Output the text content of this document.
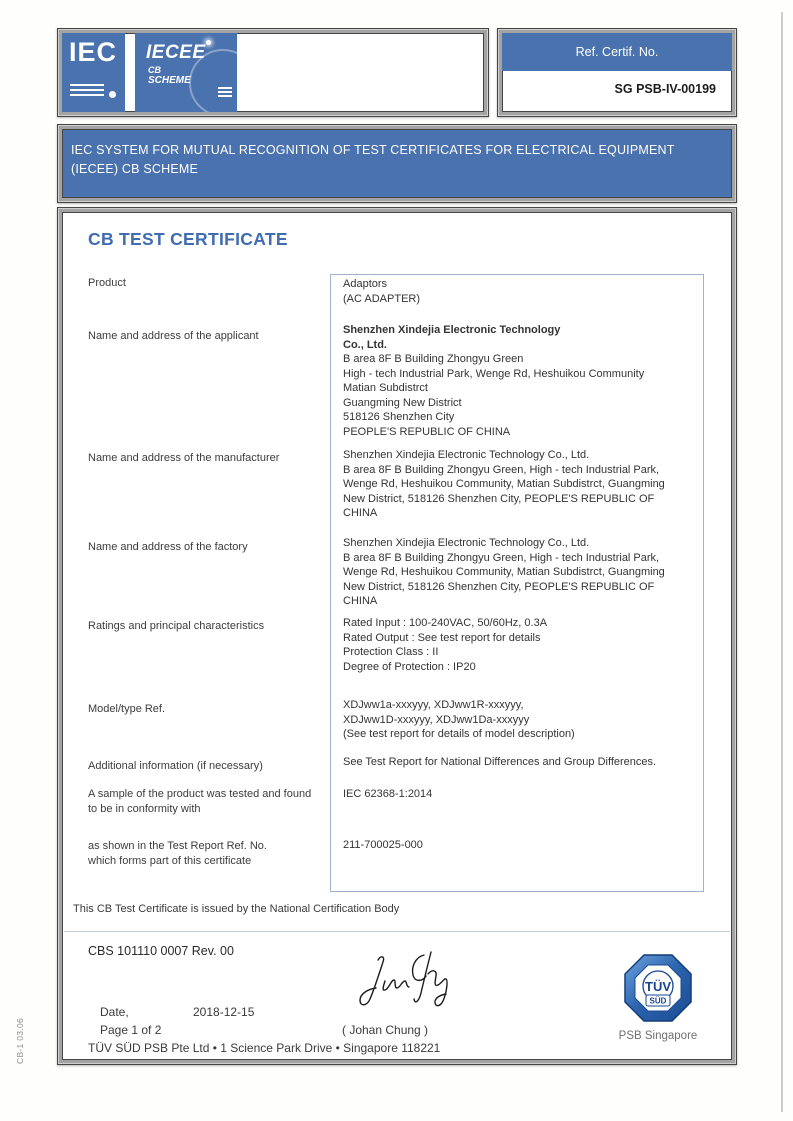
CB-1 03.06
IEC	IECEE
CB
SCHEME
Ref. Certif. No.
SG PSB-IV-00199
IEC SYSTEM FOR MUTUAL RECOGNITION OF TEST CERTIFICATES FOR ELECTRICAL EQUIPMENT
(IECEE) CB SCHEME
CB TEST CERTIFICATE
Product	Adaptors
(AC ADAPTER)
Name and address of the applicant	Shenzhen Xindejia Electronic Technology
Co., Ltd.
B area 8F B Building Zhongyu Green
High - tech Industrial Park, Wenge Rd, Heshuikou Community
Matian Subdistrct
Guangming New District
518126 Shenzhen City
PEOPLE'S REPUBLIC OF CHINA
Name and address of the manufacturer	Shenzhen Xindejia Electronic Technology Co., Ltd.
B area 8F B Building Zhongyu Green, High - tech Industrial Park,
Wenge Rd, Heshuikou Community, Matian Subdistrct, Guangming
New District, 518126 Shenzhen City, PEOPLE'S REPUBLIC OF
CHINA
Name and address of the factory	Shenzhen Xindejia Electronic Technology Co., Ltd.
B area 8F B Building Zhongyu Green, High - tech Industrial Park,
Wenge Rd, Heshuikou Community, Matian Subdistrct, Guangming
New District, 518126 Shenzhen City, PEOPLE'S REPUBLIC OF
CHINA
Ratings and principal characteristics	Rated Input : 100-240VAC, 50/60Hz, 0.3A
Rated Output : See test report for details
Protection Class : II
Degree of Protection : IP20
Model/type Ref.	XDJww1a-xxxyyy, XDJww1R-xxxyyy,
XDJww1D-xxxyyy, XDJww1Da-xxxyyy
(See test report for details of model description)
Additional information (if necessary)	See Test Report for National Differences and Group Differences.
A sample of the product was tested and found
to be in conformity with
IEC 62368-1:2014
as shown in the Test Report Ref. No.
which forms part of this certificate
211-700025-000
This CB Test Certificate is issued by the National Certification Body
CBS 101110 0007 Rev. 00
Date,	2018-12-15
Page 1 of 2	( Johan Chung )
TÜV SÜD PSB Pte Ltd • 1 Science Park Drive • Singapore 118221
TÜV
SÜD
PSB Singapore
